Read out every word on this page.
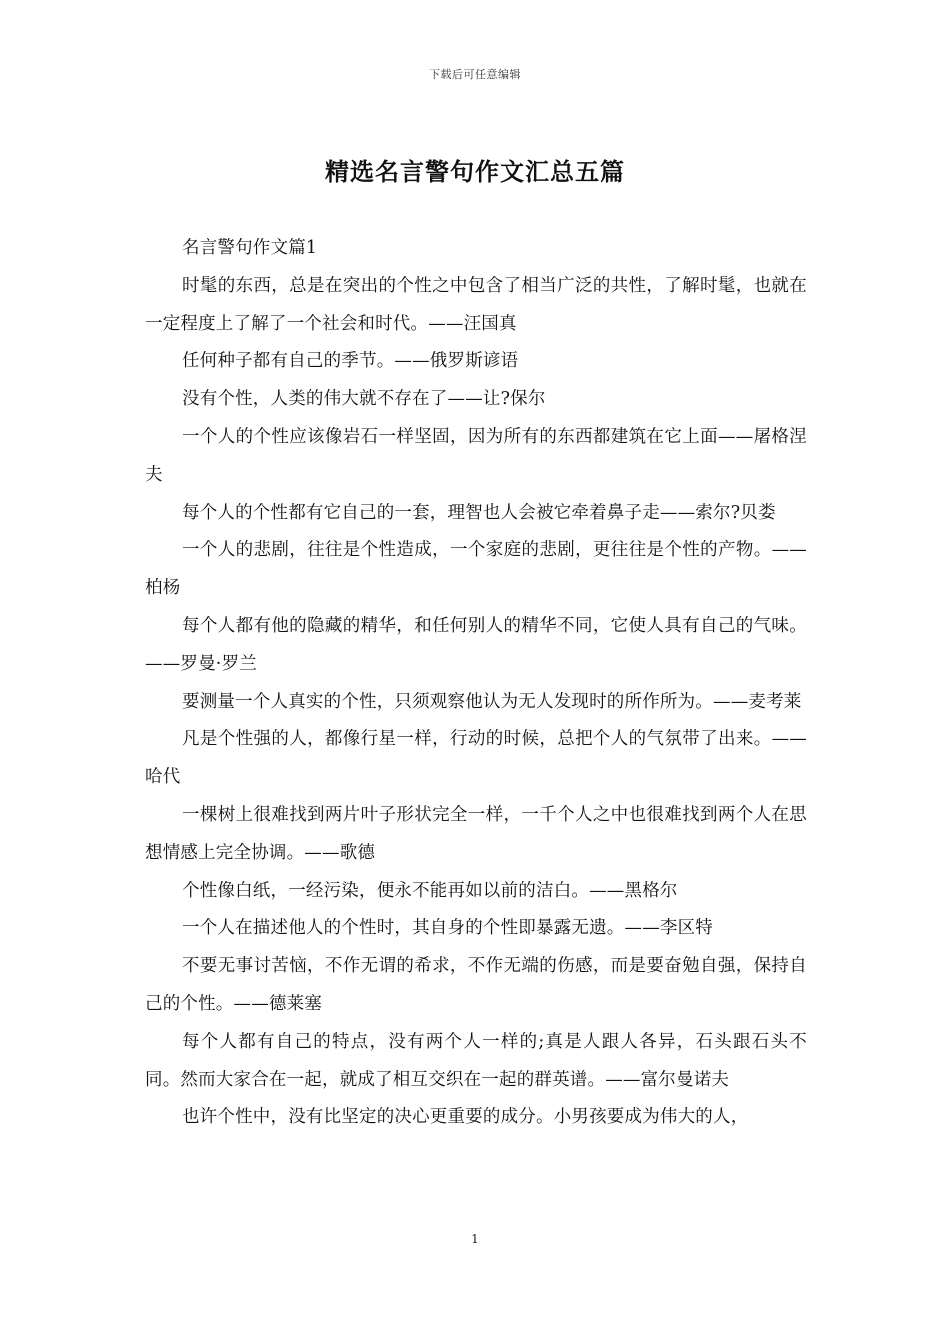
下载后可任意编辑
精选名言警句作文汇总五篇

名言警句作文篇1

时髦的东西，总是在突出的个性之中包含了相当广泛的共性，了解时髦，也就在一定程度上了解了一个社会和时代。——汪国真

任何种子都有自己的季节。——俄罗斯谚语

没有个性，人类的伟大就不存在了——让?保尔

一个人的个性应该像岩石一样坚固，因为所有的东西都建筑在它上面——屠格涅夫

每个人的个性都有它自己的一套，理智也人会被它牵着鼻子走——索尔?贝娄

一个人的悲剧，往往是个性造成，一个家庭的悲剧，更往往是个性的产物。——柏杨

每个人都有他的隐藏的精华，和任何别人的精华不同，它使人具有自己的气味。——罗曼·罗兰

要测量一个人真实的个性，只须观察他认为无人发现时的所作所为。——麦考莱

凡是个性强的人，都像行星一样，行动的时候，总把个人的气氛带了出来。——哈代

一棵树上很难找到两片叶子形状完全一样，一千个人之中也很难找到两个人在思想情感上完全协调。——歌德

个性像白纸，一经污染，便永不能再如以前的洁白。——黑格尔

一个人在描述他人的个性时，其自身的个性即暴露无遗。——李区特

不要无事讨苦恼，不作无谓的希求，不作无端的伤感，而是要奋勉自强，保持自己的个性。——德莱塞

每个人都有自己的特点，没有两个人一样的;真是人跟人各异，石头跟石头不同。然而大家合在一起，就成了相互交织在一起的群英谱。——富尔曼诺夫

也许个性中，没有比坚定的决心更重要的成分。小男孩要成为伟大的人，

1
